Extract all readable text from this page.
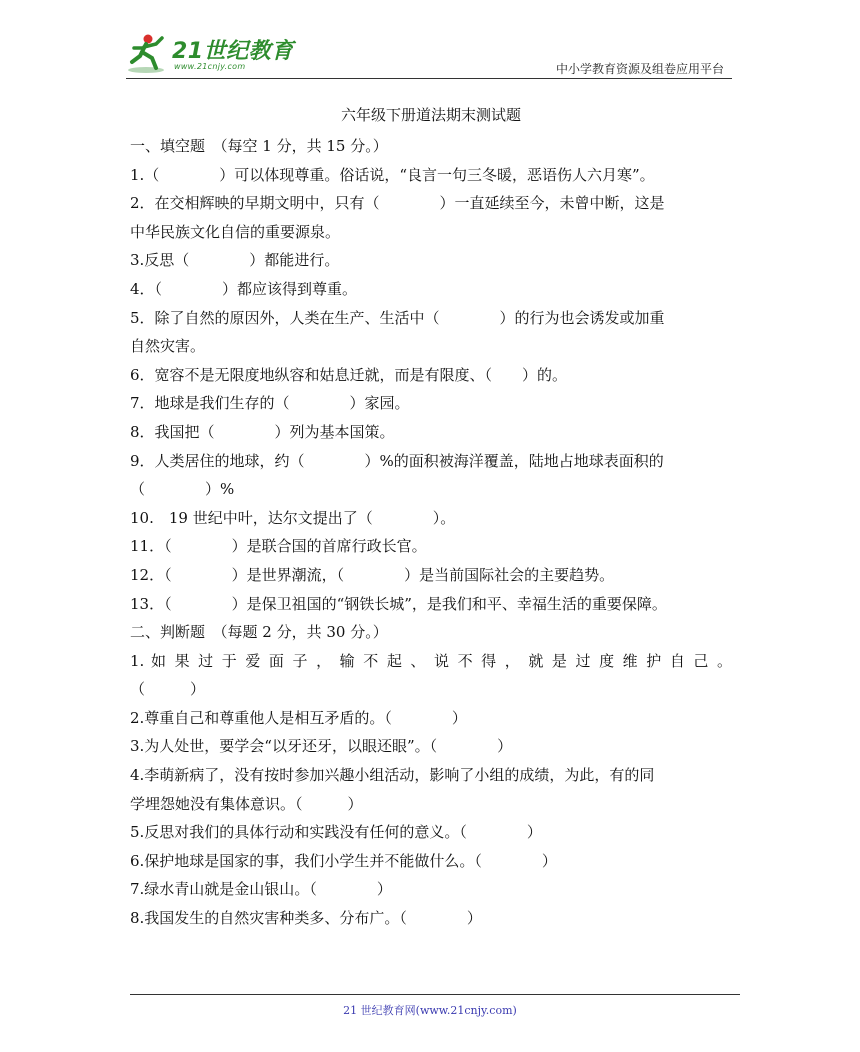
21世纪教育
www.21cnjy.com	中小学教育资源及组卷应用平台
六年级下册道法期末测试题
一、填空题　（每空 1 分，共 15 分。）
1.（　　　　）可以体现尊重。俗话说，“良言一句三冬暖，恶语伤人六月寒”。
2．在交相辉映的早期文明中，只有（　　　　）一直延续至今，未曾中断，这是
中华民族文化自信的重要源泉。
3.反思（　　　　）都能进行。
4．（　　　　）都应该得到尊重。
5．除了自然的原因外，人类在生产、生活中（　　　　）的行为也会诱发或加重
自然灾害。
6．宽容不是无限度地纵容和姑息迁就，而是有限度、（　　）的。
7．地球是我们生存的（　　　　）家园。
8．我国把（　　　　）列为基本国策。
9．人类居住的地球，约（　　　　）%的面积被海洋覆盖，陆地占地球表面积的
（　　　　）%
10.　19 世纪中叶，达尔文提出了（　　　　）。
11．（　　　　）是联合国的首席行政长官。
12．（　　　　）是世界潮流，（　　　　）是当前国际社会的主要趋势。
13．（　　　　）是保卫祖国的“钢铁长城”，是我们和平、幸福生活的重要保障。
二、判断题　（每题 2 分，共 30 分。）
1. 如 果 过 于 爱 面 子 ， 输 不 起 、 说 不 得 ， 就 是 过 度 维 护 自 己 。
（　　　）
2.尊重自己和尊重他人是相互矛盾的。（　　　　）
3.为人处世，要学会“以牙还牙，以眼还眼”。（　　　　）
4.李萌新病了，没有按时参加兴趣小组活动，影响了小组的成绩，为此，有的同
学埋怨她没有集体意识。（　　　）
5.反思对我们的具体行动和实践没有任何的意义。（　　　　）
6.保护地球是国家的事，我们小学生并不能做什么。（　　　　）
7.绿水青山就是金山银山。（　　　　）
8.我国发生的自然灾害种类多、分布广。（　　　　）
21 世纪教育网(www.21cnjy.com)
